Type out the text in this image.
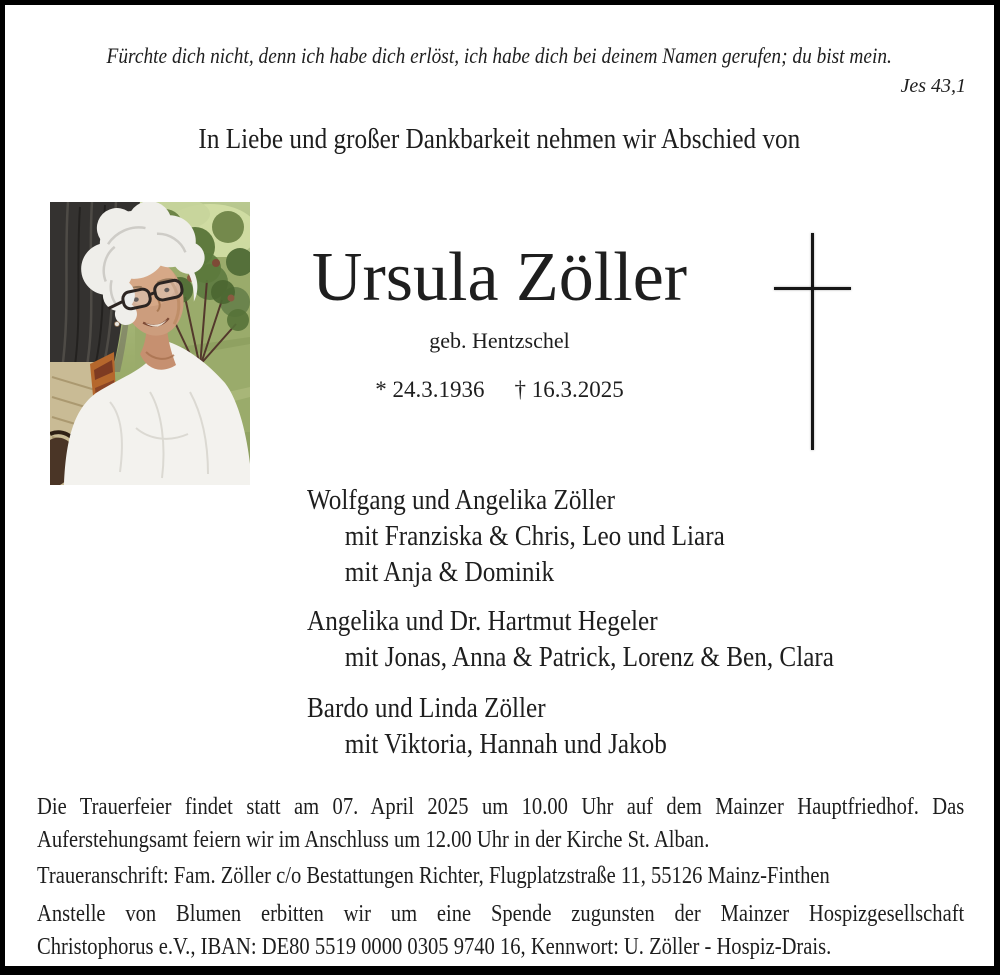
Fürchte dich nicht, denn ich habe dich erlöst, ich habe dich bei deinem Namen gerufen; du bist mein.
Jes 43,1
In Liebe und großer Dankbarkeit nehmen wir Abschied von
Ursula Zöller
geb. Hentzschel
* 24.3.1936 † 16.3.2025
Wolfgang und Angelika Zöller
mit Franziska & Chris, Leo und Liara
mit Anja & Dominik
Angelika und Dr. Hartmut Hegeler
mit Jonas, Anna & Patrick, Lorenz & Ben, Clara
Bardo und Linda Zöller
mit Viktoria, Hannah und Jakob
Die Trauerfeier findet statt am 07. April 2025 um 10.00 Uhr auf dem Mainzer Hauptfriedhof. Das
Auferstehungsamt feiern wir im Anschluss um 12.00 Uhr in der Kirche St. Alban.
Traueranschrift: Fam. Zöller c/o Bestattungen Richter, Flugplatzstraße 11, 55126 Mainz-Finthen
Anstelle von Blumen erbitten wir um eine Spende zugunsten der Mainzer Hospizgesellschaft
Christophorus e.V., IBAN: DE80 5519 0000 0305 9740 16, Kennwort: U. Zöller - Hospiz-Drais.
